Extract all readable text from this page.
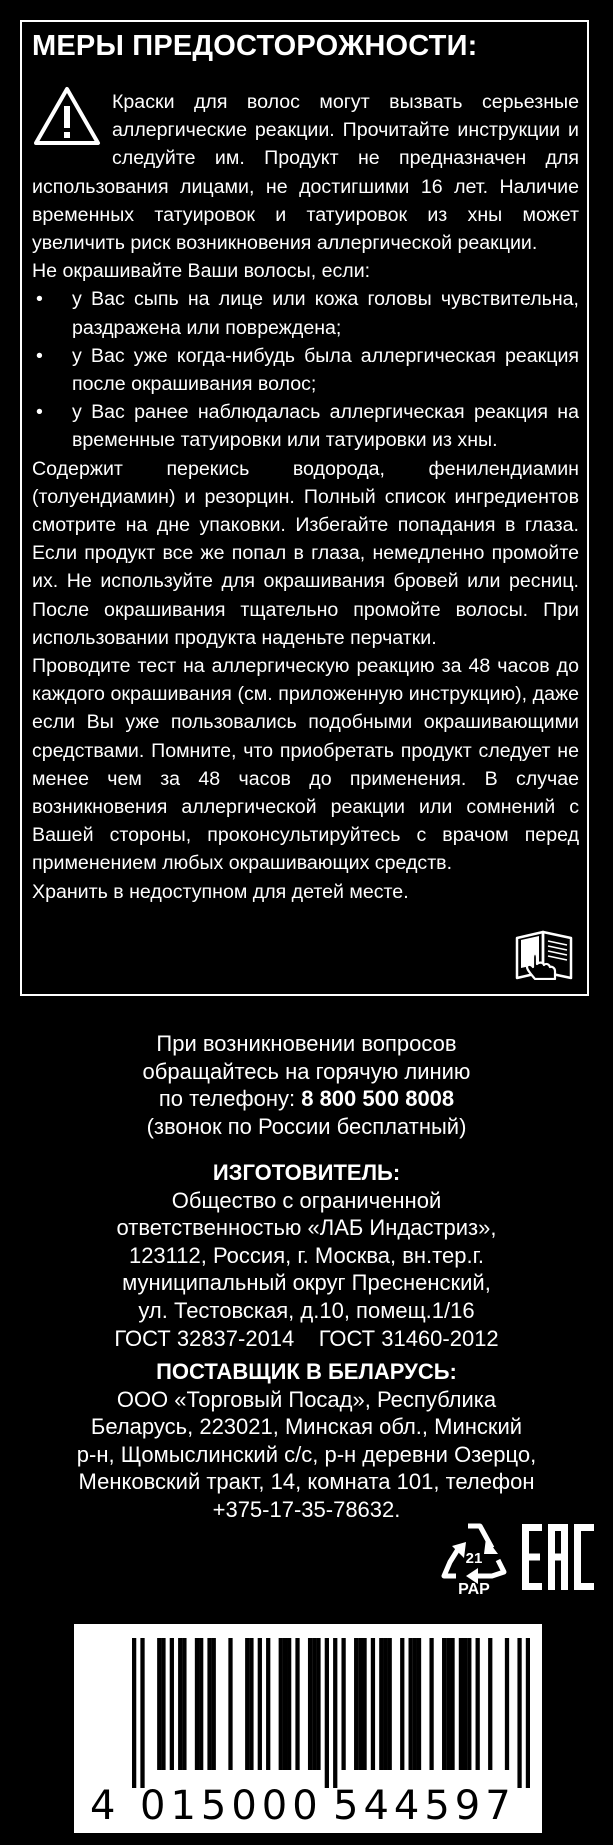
МЕРЫ ПРЕДОСТОРОЖНОСТИ:

Краски для волос могут вызвать серьезные аллергические реакции. Прочитайте инструкции и следуйте им. Продукт не предназначен для использования лицами, не достигшими 16 лет. Наличие временных татуировок и татуировок из хны может увеличить риск возникновения аллергической реакции.

Не окрашивайте Ваши волосы, если:

• у Вас сыпь на лице или кожа головы чувствительна, раздражена или повреждена;
• у Вас уже когда-нибудь была аллергическая реакция после окрашивания волос;
• у Вас ранее наблюдалась аллергическая реакция на временные татуировки или татуировки из хны.

Содержит перекись водорода, фенилендиамин (толуендиамин) и резорцин. Полный список ингредиентов смотрите на дне упаковки. Избегайте попадания в глаза. Если продукт все же попал в глаза, немедленно промойте их. Не используйте для окрашивания бровей или ресниц. После окрашивания тщательно промойте волосы. При использовании продукта наденьте перчатки.

Проводите тест на аллергическую реакцию за 48 часов до каждого окрашивания (см. приложенную инструкцию), даже если Вы уже пользовались подобными окрашивающими средствами. Помните, что приобретать продукт следует не менее чем за 48 часов до применения. В случае возникновения аллергической реакции или сомнений с Вашей стороны, проконсультируйтесь с врачом перед применением любых окрашивающих средств.

Хранить в недоступном для детей месте.

При возникновении вопросов

обращайтесь на горячую линию

по телефону: 8 800 500 8008

(звонок по России бесплатный)

ИЗГОТОВИТЕЛЬ:

Общество с ограниченной

ответственностью «ЛАБ Индастриз»,

123112, Россия, г. Москва, вн.тер.г.

муниципальный округ Пресненский,

ул. Тестовская, д.10, помещ.1/16

ГОСТ 32837-2014    ГОСТ 31460-2012

ПОСТАВЩИК В БЕЛАРУСЬ:

ООО «Торговый Посад», Республика

Беларусь, 223021, Минская обл., Минский

р-н, Щомыслинский с/с, р-н деревни Озерцо,

Менковский тракт, 14, комната 101, телефон

+375-17-35-78632.

21
PAP
4 015000 544597
